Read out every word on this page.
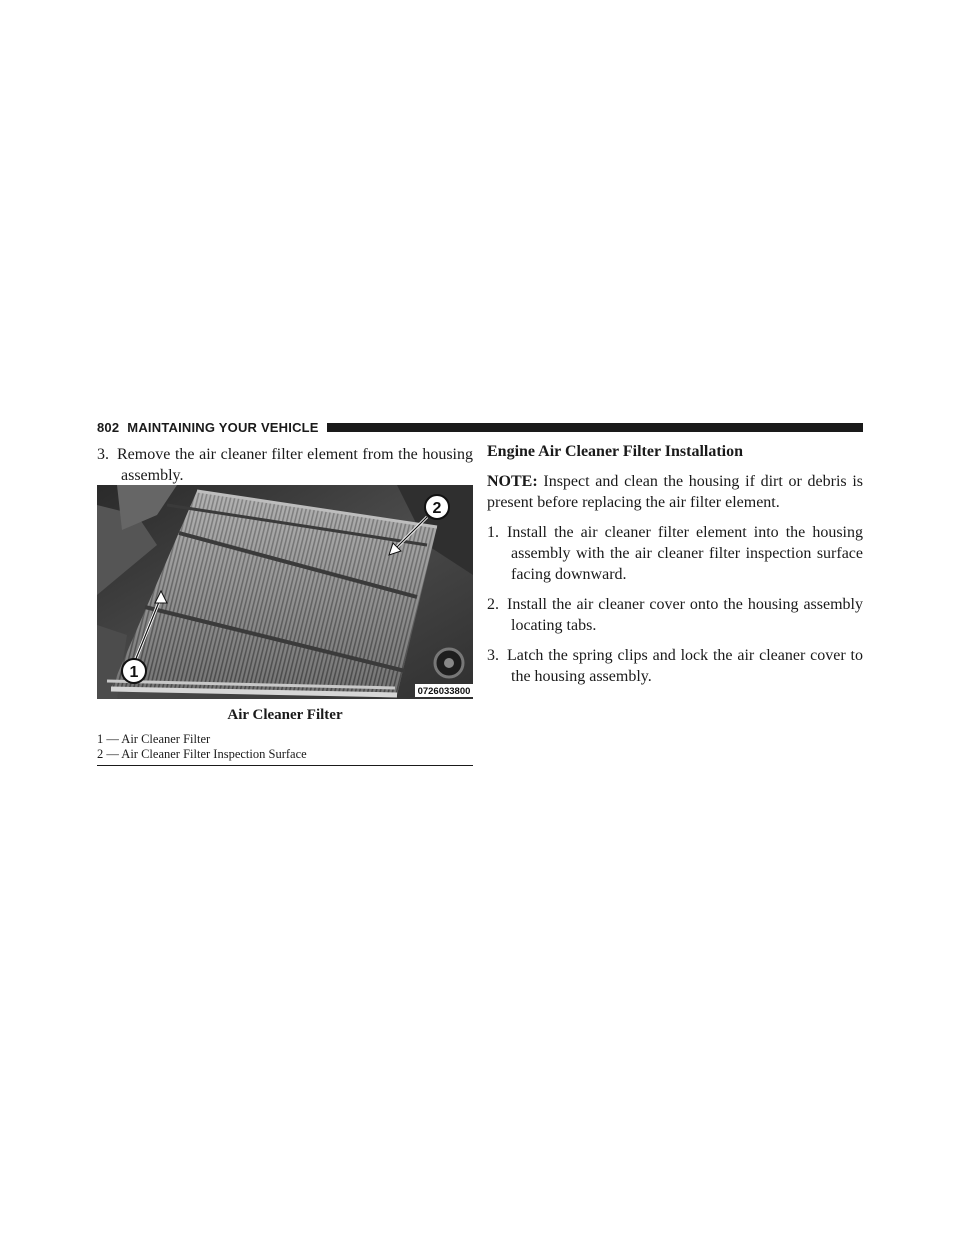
802 MAINTAINING YOUR VEHICLE
3. Remove the air cleaner filter element from the housing assembly.
1
2
0726033800
Air Cleaner Filter
1 — Air Cleaner Filter
2 — Air Cleaner Filter Inspection Surface
Engine Air Cleaner Filter Installation

NOTE: Inspect and clean the housing if dirt or debris is present before replacing the air filter element.

1. Install the air cleaner filter element into the housing assembly with the air cleaner filter inspection surface facing downward.
2. Install the air cleaner cover onto the housing assembly locating tabs.
3. Latch the spring clips and lock the air cleaner cover to the housing assembly.
